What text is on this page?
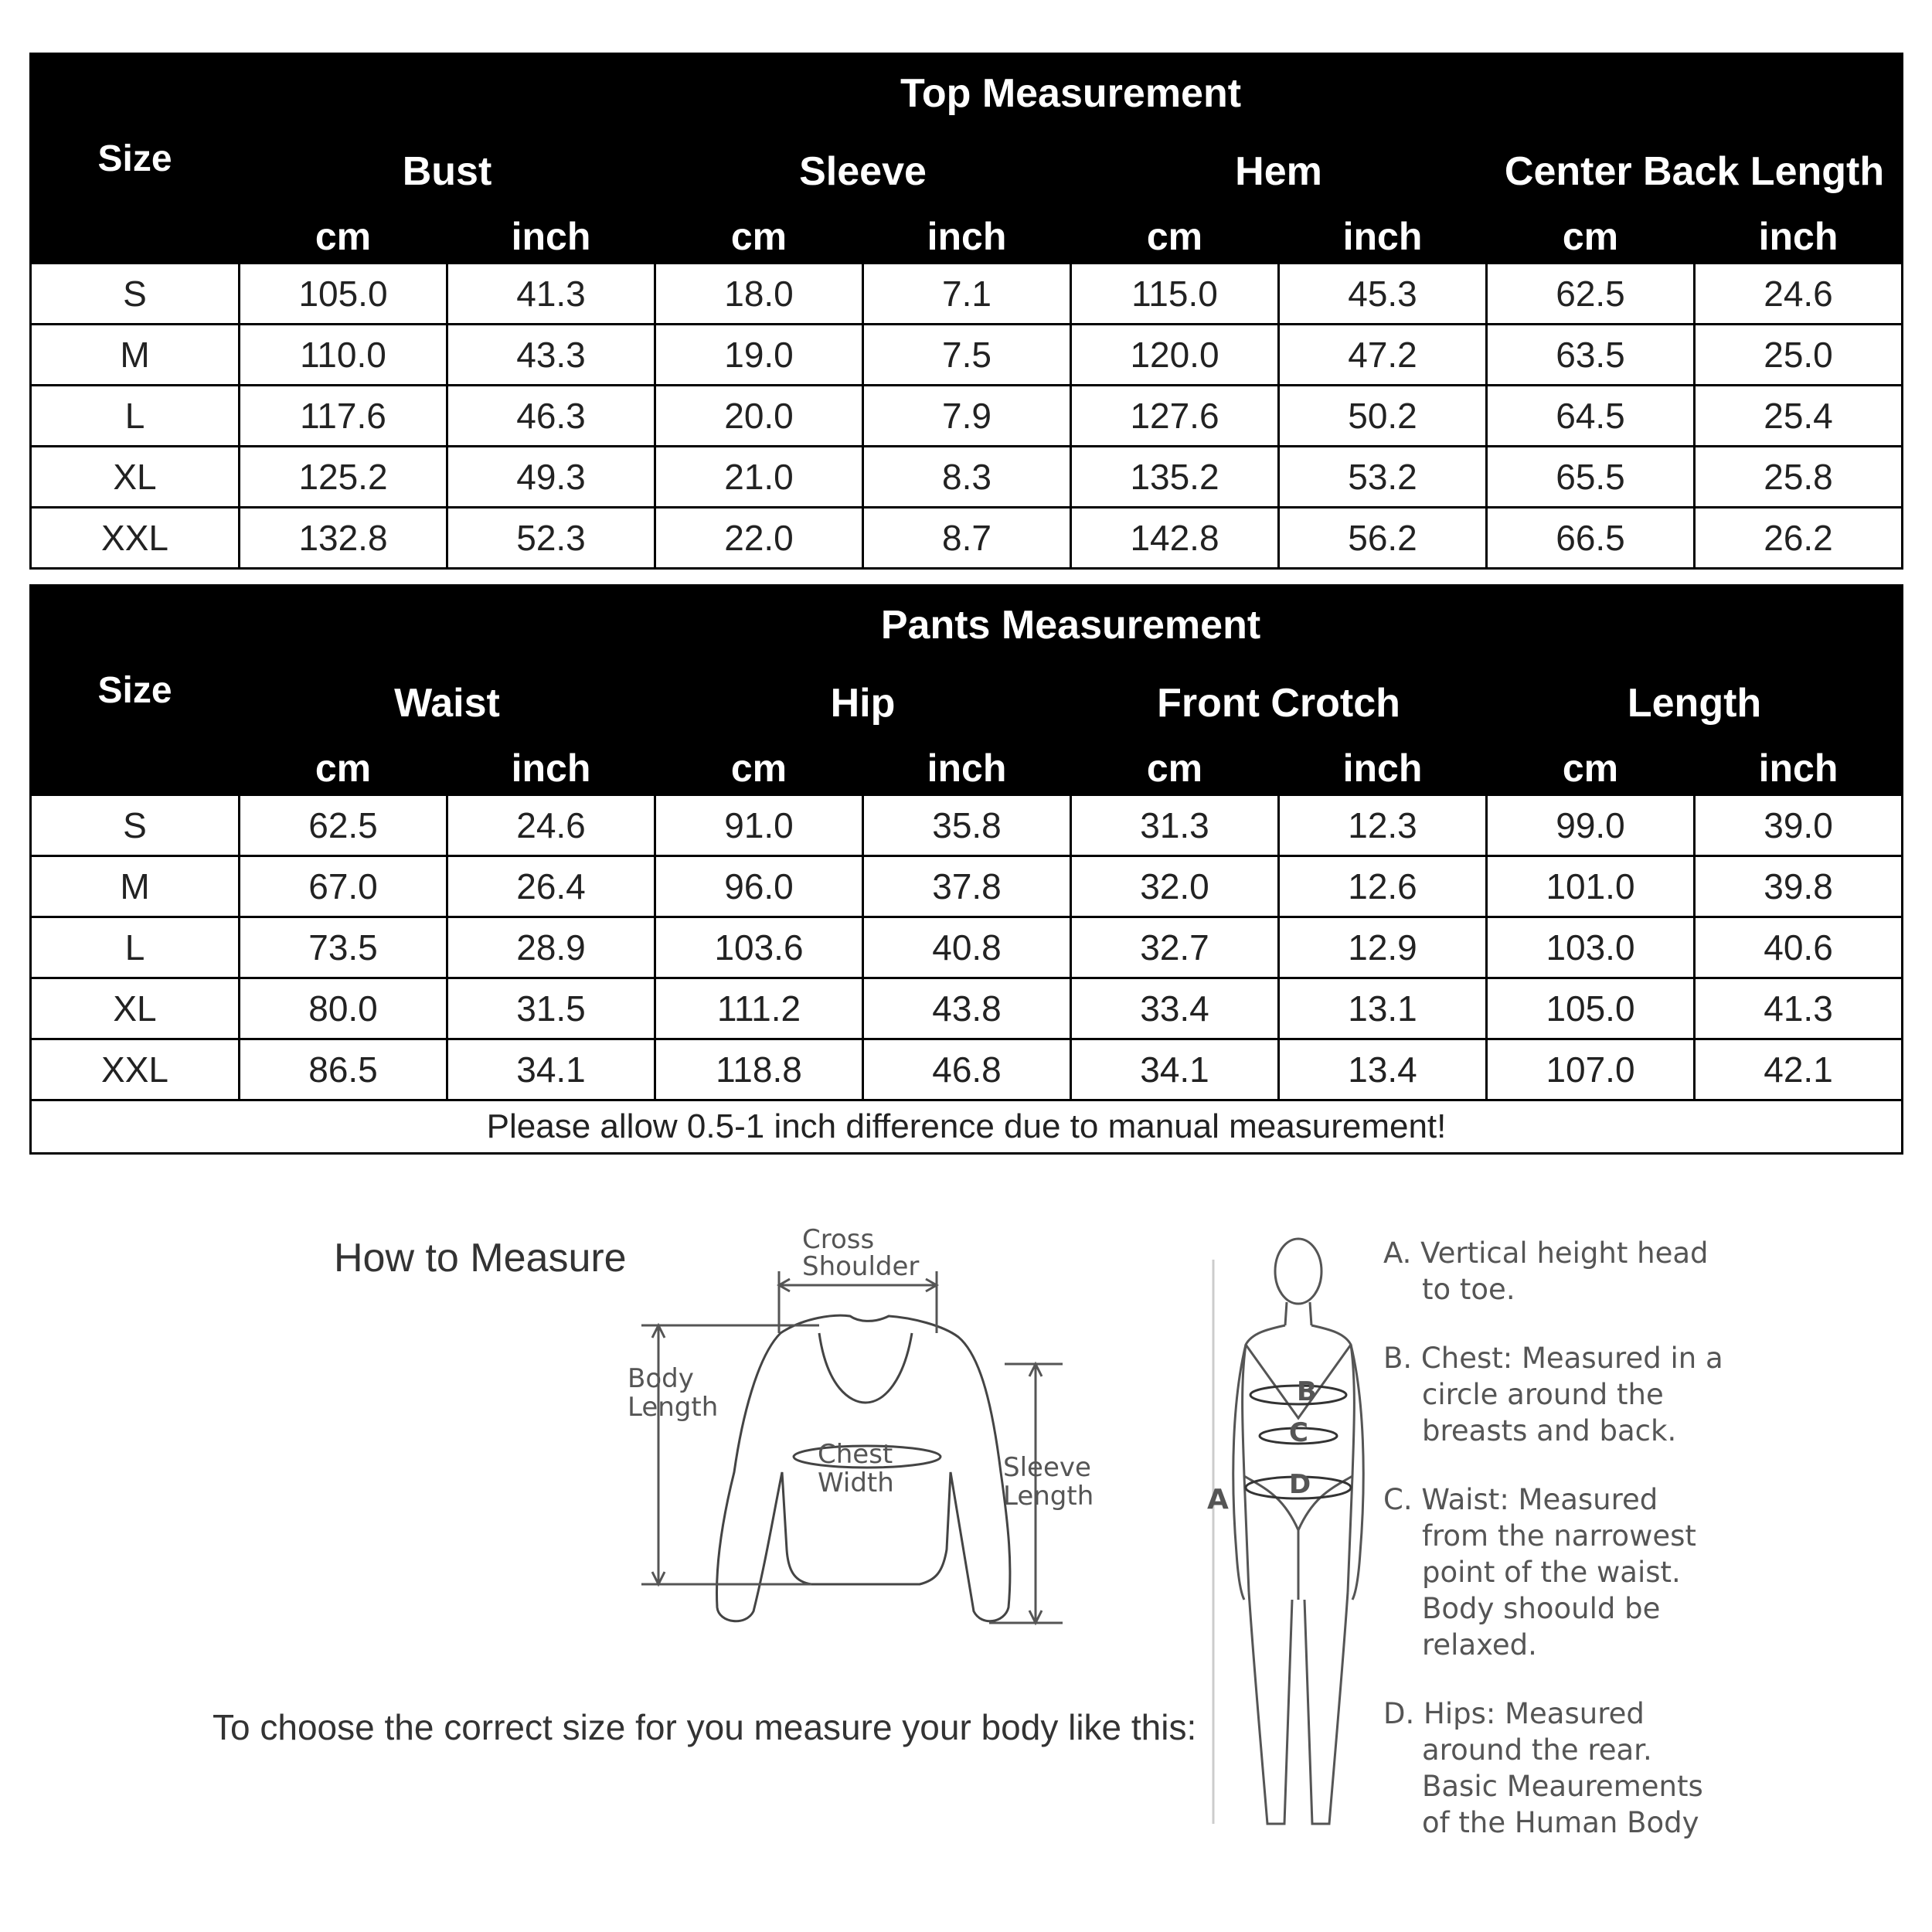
Size	Top Measurement							
	Bust		Sleeve		Hem		Center Back Length	
	cm	inch	cm	inch	cm	inch	cm	inch
S	105.0	41.3	18.0	7.1	115.0	45.3	62.5	24.6
M	110.0	43.3	19.0	7.5	120.0	47.2	63.5	25.0
L	117.6	46.3	20.0	7.9	127.6	50.2	64.5	25.4
XL	125.2	49.3	21.0	8.3	135.2	53.2	65.5	25.8
XXL	132.8	52.3	22.0	8.7	142.8	56.2	66.5	26.2
Size	Pants Measurement							
	Waist		Hip		Front Crotch		Length	
	cm	inch	cm	inch	cm	inch	cm	inch
S	62.5	24.6	91.0	35.8	31.3	12.3	99.0	39.0
M	67.0	26.4	96.0	37.8	32.0	12.6	101.0	39.8
L	73.5	28.9	103.6	40.8	32.7	12.9	103.0	40.6
XL	80.0	31.5	111.2	43.8	33.4	13.1	105.0	41.3
XXL	86.5	34.1	118.8	46.8	34.1	13.4	107.0	42.1
Please allow 0.5-1 inch difference due to manual measurement!								
How to Measure	Cross
Shoulder
Body
Length
Chest
Width	Sleeve
Length
To choose the correct size for you measure your body like this:
B
C
D
A
A. Vertical height head
to toe.
B. Chest: Measured in a
circle around the
breasts and back.
C. Waist: Measured
from the narrowest
point of the waist.
Body shoould be
relaxed.
D. Hips: Measured
around the rear.
Basic Meaurements
of the Human Body
